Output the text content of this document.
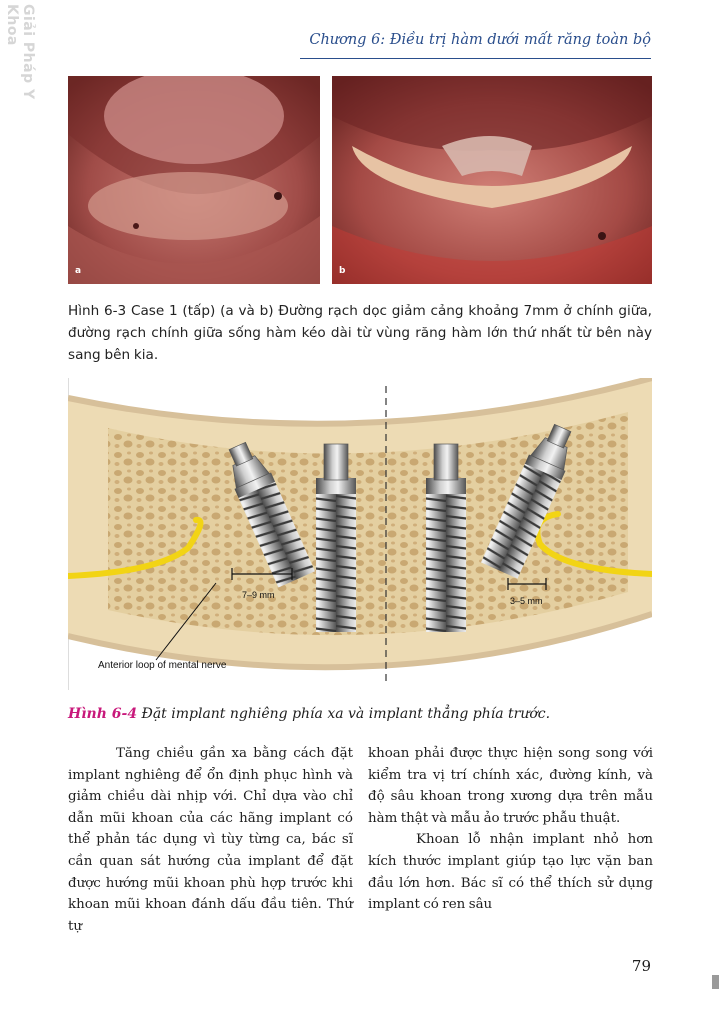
Giải Pháp Y Khoa	Chương 6: Điều trị hàm dưới mất răng toàn bộ
a	b
Hình 6-3 Case 1 (tấp) (a và b) Đường rạch dọc giảm cảng khoảng 7mm ở chính giữa, đường rạch chính giữa sống hàm kéo dài từ vùng răng hàm lớn thứ nhất từ bên này sang bên kia.
7–9 mm
3–5 mm
Anterior loop of mental nerve
Hình 6-4 Đặt implant nghiêng phía xa và implant thẳng phía trước.

Tăng chiều gần xa bằng cách đặt implant nghiêng để ổn định phục hình và giảm chiều dài nhịp với. Chỉ dựa vào chỉ dẫn mũi khoan của các hãng implant có thể phản tác dụng vì tùy từng ca, bác sĩ cần quan sát hướng của implant để đặt được hướng mũi khoan phù hợp trước khi khoan mũi khoan đánh dấu đầu tiên. Thứ tự

khoan phải được thực hiện song song với kiểm tra vị trí chính xác, đường kính, và độ sâu khoan trong xương dựa trên mẫu hàm thật và mẫu ảo trước phẫu thuật.

Khoan lỗ nhận implant nhỏ hơn kích thước implant giúp tạo lực vặn ban đầu lớn hơn. Bác sĩ có thể thích sử dụng implant có ren sâu

79
